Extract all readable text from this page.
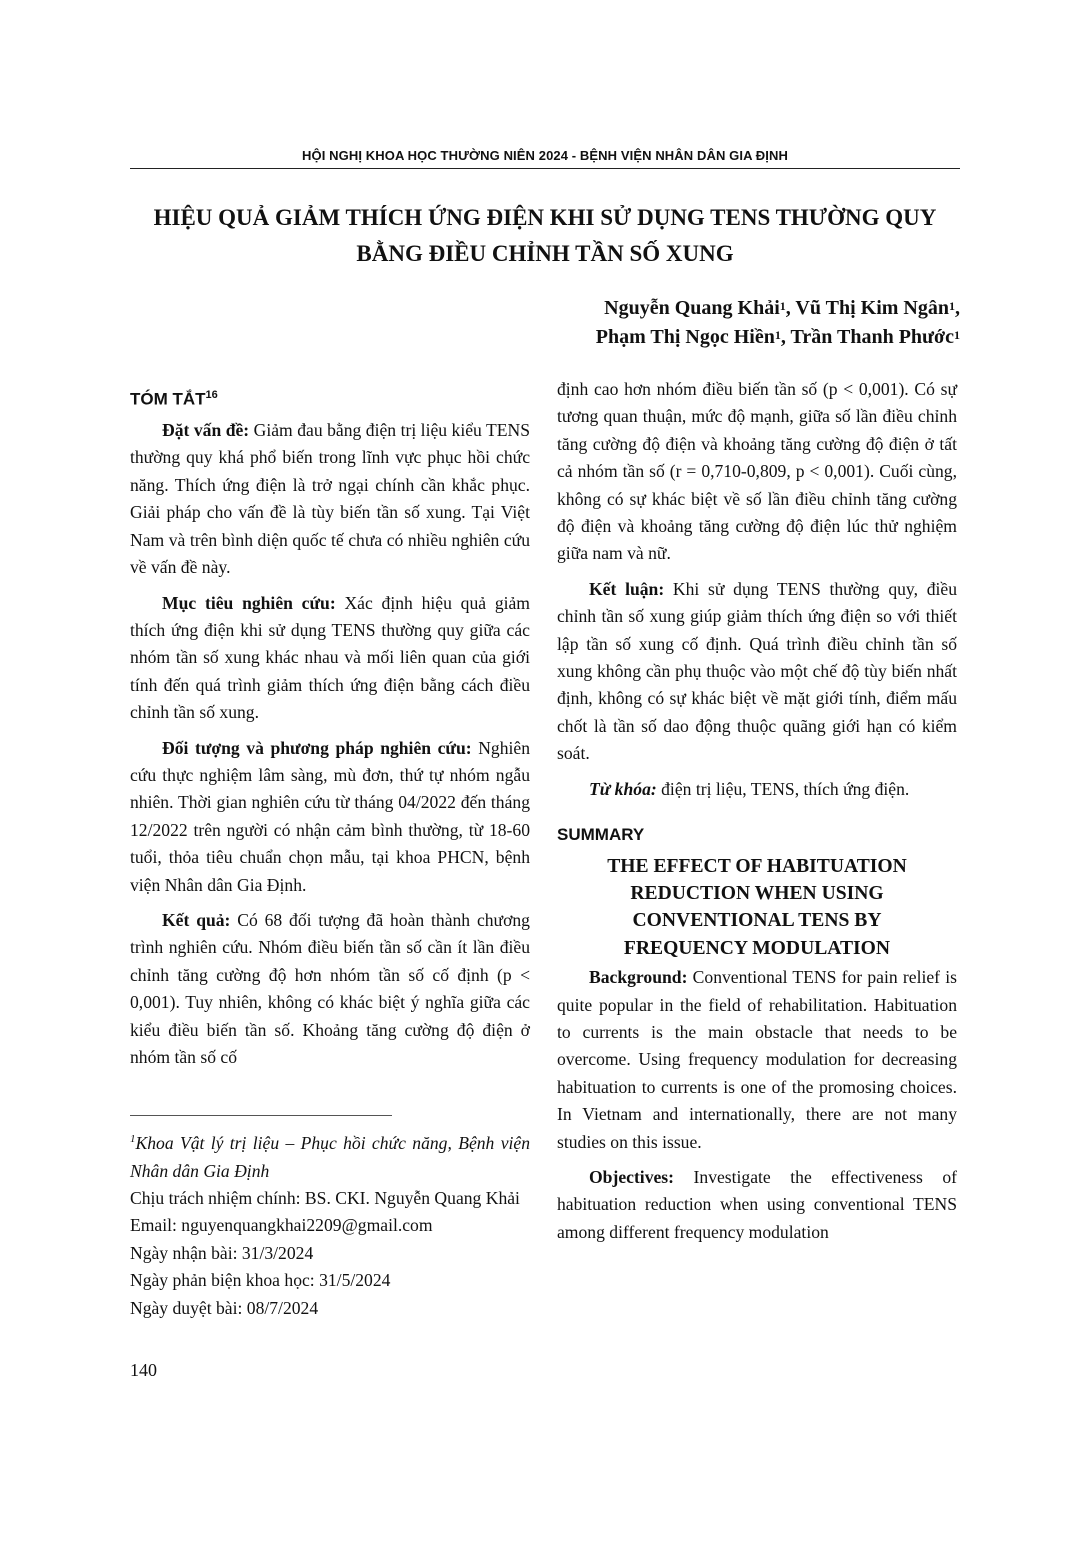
HỘI NGHỊ KHOA HỌC THƯỜNG NIÊN 2024 - BỆNH VIỆN NHÂN DÂN GIA ĐỊNH
HIỆU QUẢ GIẢM THÍCH ỨNG ĐIỆN KHI SỬ DỤNG TENS THƯỜNG QUY
BẰNG ĐIỀU CHỈNH TẦN SỐ XUNG
Nguyễn Quang Khải$^1$, Vũ Thị Kim Ngân$^1$,
Phạm Thị Ngọc Hiền$^1$, Trần Thanh Phước$^1$
TÓM TẮT$^{16}$

Đặt vấn đề: Giảm đau bằng điện trị liệu kiểu TENS thường quy khá phổ biến trong lĩnh vực phục hồi chức năng. Thích ứng điện là trở ngại chính cần khắc phục. Giải pháp cho vấn đề là tùy biến tần số xung. Tại Việt Nam và trên bình diện quốc tế chưa có nhiều nghiên cứu về vấn đề này.

Mục tiêu nghiên cứu: Xác định hiệu quả giảm thích ứng điện khi sử dụng TENS thường quy giữa các nhóm tần số xung khác nhau và mối liên quan của giới tính đến quá trình giảm thích ứng điện bằng cách điều chỉnh tần số xung.

Đối tượng và phương pháp nghiên cứu: Nghiên cứu thực nghiệm lâm sàng, mù đơn, thứ tự nhóm ngẫu nhiên. Thời gian nghiên cứu từ tháng 04/2022 đến tháng 12/2022 trên người có nhận cảm bình thường, từ 18-60 tuổi, thỏa tiêu chuẩn chọn mẫu, tại khoa PHCN, bệnh viện Nhân dân Gia Định.

Kết quả: Có 68 đối tượng đã hoàn thành chương trình nghiên cứu. Nhóm điều biến tần số cần ít lần điều chỉnh tăng cường độ hơn nhóm tần số cố định (p < 0,001). Tuy nhiên, không có khác biệt ý nghĩa giữa các kiểu điều biến tần số. Khoảng tăng cường độ điện ở nhóm tần số cố

$^1$Khoa Vật lý trị liệu – Phục hồi chức năng, Bệnh viện Nhân dân Gia Định

Chịu trách nhiệm chính: BS. CKI. Nguyễn Quang Khải

Email: nguyenquangkhai2209@gmail.com

Ngày nhận bài: 31/3/2024

Ngày phản biện khoa học: 31/5/2024

Ngày duyệt bài: 08/7/2024

định cao hơn nhóm điều biến tần số (p < 0,001). Có sự tương quan thuận, mức độ mạnh, giữa số lần điều chỉnh tăng cường độ điện và khoảng tăng cường độ điện ở tất cả nhóm tần số (r = 0,710-0,809, p < 0,001). Cuối cùng, không có sự khác biệt về số lần điều chỉnh tăng cường độ điện và khoảng tăng cường độ điện lúc thử nghiệm giữa nam và nữ.

Kết luận: Khi sử dụng TENS thường quy, điều chỉnh tần số xung giúp giảm thích ứng điện so với thiết lập tần số xung cố định. Quá trình điều chỉnh tần số xung không cần phụ thuộc vào một chế độ tùy biến nhất định, không có sự khác biệt về mặt giới tính, điểm mấu chốt là tần số dao động thuộc quãng giới hạn có kiểm soát.

Từ khóa: điện trị liệu, TENS, thích ứng điện.

SUMMARY
THE EFFECT OF HABITUATION
REDUCTION WHEN USING
CONVENTIONAL TENS BY
FREQUENCY MODULATION

Background: Conventional TENS for pain relief is quite popular in the field of rehabilitation. Habituation to currents is the main obstacle that needs to be overcome. Using frequency modulation for decreasing habituation to currents is one of the promosing choices. In Vietnam and internationally, there are not many studies on this issue.

Objectives: Investigate the effectiveness of habituation reduction when using conventional TENS among different frequency modulation

140
